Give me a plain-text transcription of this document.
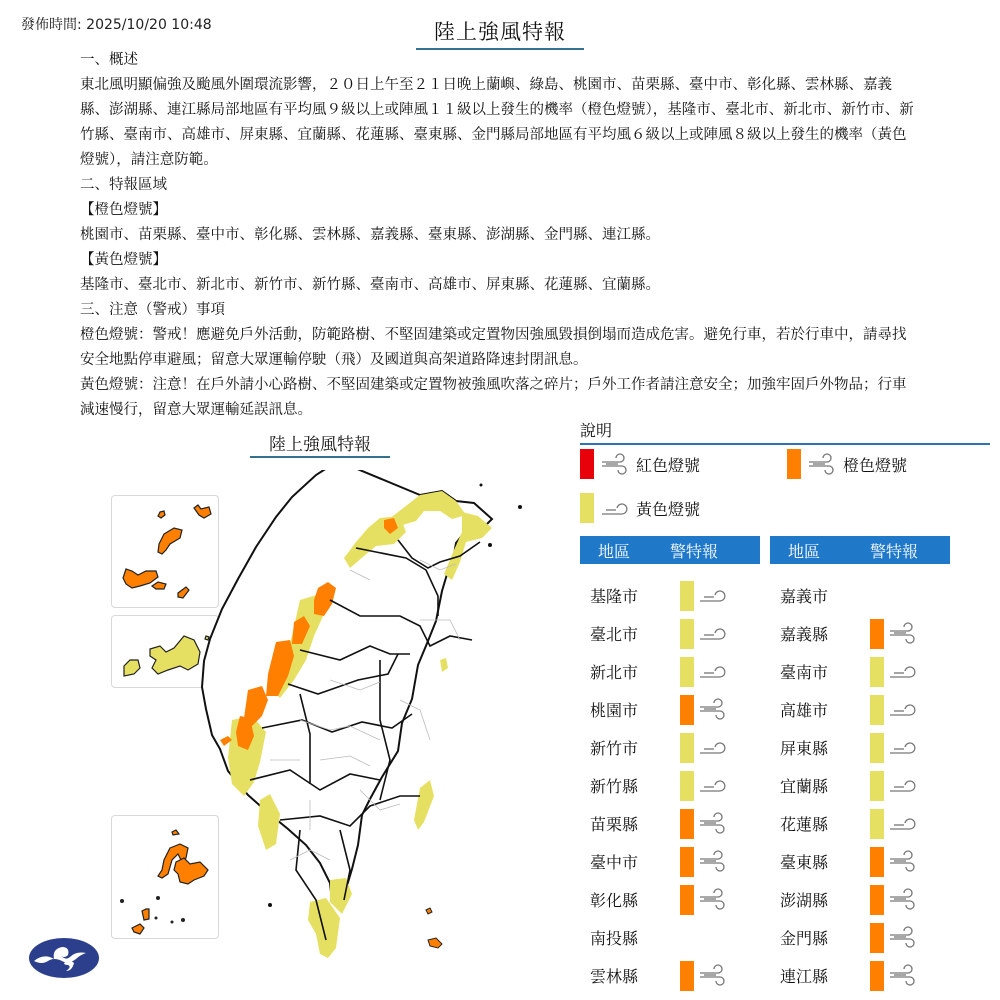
發佈時間: 2025/10/20 10:48	陸上強風特報

一、概述

東北風明顯偏強及颱風外圍環流影響，２０日上午至２１日晚上蘭嶼、綠島、桃園市、苗栗縣、臺中市、彰化縣、雲林縣、嘉義縣、澎湖縣、連江縣局部地區有平均風９級以上或陣風１１級以上發生的機率（橙色燈號），基隆市、臺北市、新北市、新竹市、新竹縣、臺南市、高雄市、屏東縣、宜蘭縣、花蓮縣、臺東縣、金門縣局部地區有平均風６級以上或陣風８級以上發生的機率（黃色燈號），請注意防範。

二、特報區域

【橙色燈號】

桃園市、苗栗縣、臺中市、彰化縣、雲林縣、嘉義縣、臺東縣、澎湖縣、金門縣、連江縣。

【黃色燈號】

基隆市、臺北市、新北市、新竹市、新竹縣、臺南市、高雄市、屏東縣、花蓮縣、宜蘭縣。

三、注意（警戒）事項

橙色燈號：警戒！應避免戶外活動，防範路樹、不堅固建築或定置物因強風毀損倒塌而造成危害。避免行車，若於行車中，請尋找安全地點停車避風；留意大眾運輸停駛（飛）及國道與高架道路降速封閉訊息。

黃色燈號：注意！在戶外請小心路樹、不堅固建築或定置物被強風吹落之碎片；戶外工作者請注意安全；加強牢固戶外物品；行車減速慢行，留意大眾運輸延誤訊息。

陸上強風特報
說明
紅色燈號	橙色燈號
黃色燈號
地區 警特報	地區	警特報
基隆市
臺北市
新北市
桃園市
新竹市
新竹縣
苗栗縣
臺中市
彰化縣
南投縣
雲林縣
嘉義市
嘉義縣
臺南市
高雄市
屏東縣
宜蘭縣
花蓮縣
臺東縣
澎湖縣
金門縣
連江縣
